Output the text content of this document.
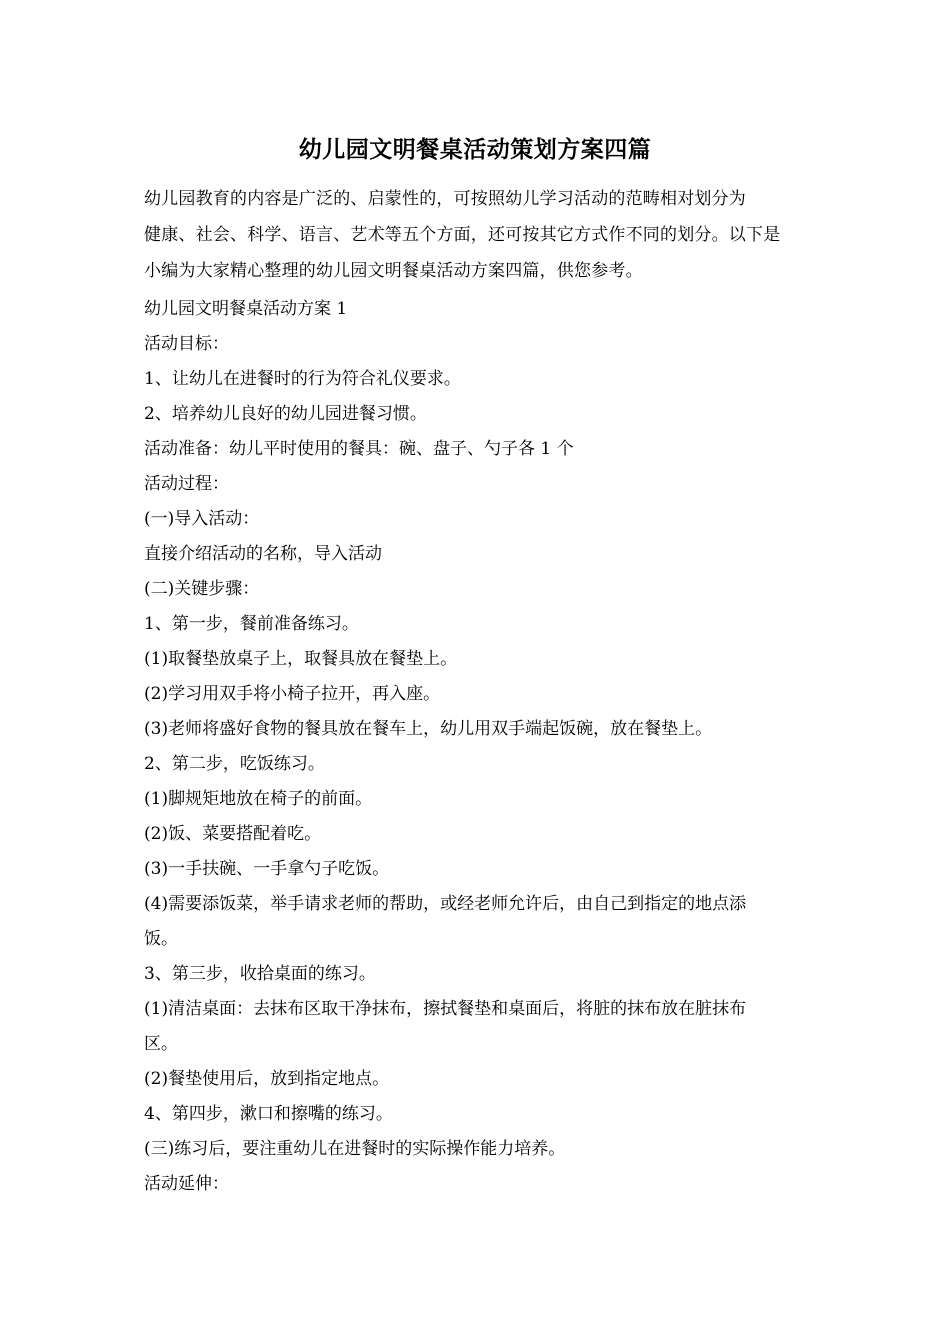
幼儿园文明餐桌活动策划方案四篇
幼儿园教育的内容是广泛的、启蒙性的，可按照幼儿学习活动的范畴相对划分为
健康、社会、科学、语言、艺术等五个方面，还可按其它方式作不同的划分。以下是
小编为大家精心整理的幼儿园文明餐桌活动方案四篇，供您参考。
幼儿园文明餐桌活动方案 1
活动目标：
1、让幼儿在进餐时的行为符合礼仪要求。
2、培养幼儿良好的幼儿园进餐习惯。
活动准备：幼儿平时使用的餐具：碗、盘子、勺子各 1 个
活动过程：
(一)导入活动：
直接介绍活动的名称，导入活动
(二)关键步骤：
1、第一步，餐前准备练习。
(1)取餐垫放桌子上，取餐具放在餐垫上。
(2)学习用双手将小椅子拉开，再入座。
(3)老师将盛好食物的餐具放在餐车上，幼儿用双手端起饭碗，放在餐垫上。
2、第二步，吃饭练习。
(1)脚规矩地放在椅子的前面。
(2)饭、菜要搭配着吃。
(3)一手扶碗、一手拿勺子吃饭。
(4)需要添饭菜，举手请求老师的帮助，或经老师允许后，由自己到指定的地点添
饭。
3、第三步，收拾桌面的练习。
(1)清洁桌面：去抹布区取干净抹布，擦拭餐垫和桌面后，将脏的抹布放在脏抹布
区。
(2)餐垫使用后，放到指定地点。
4、第四步，漱口和擦嘴的练习。
(三)练习后，要注重幼儿在进餐时的实际操作能力培养。
活动延伸：
